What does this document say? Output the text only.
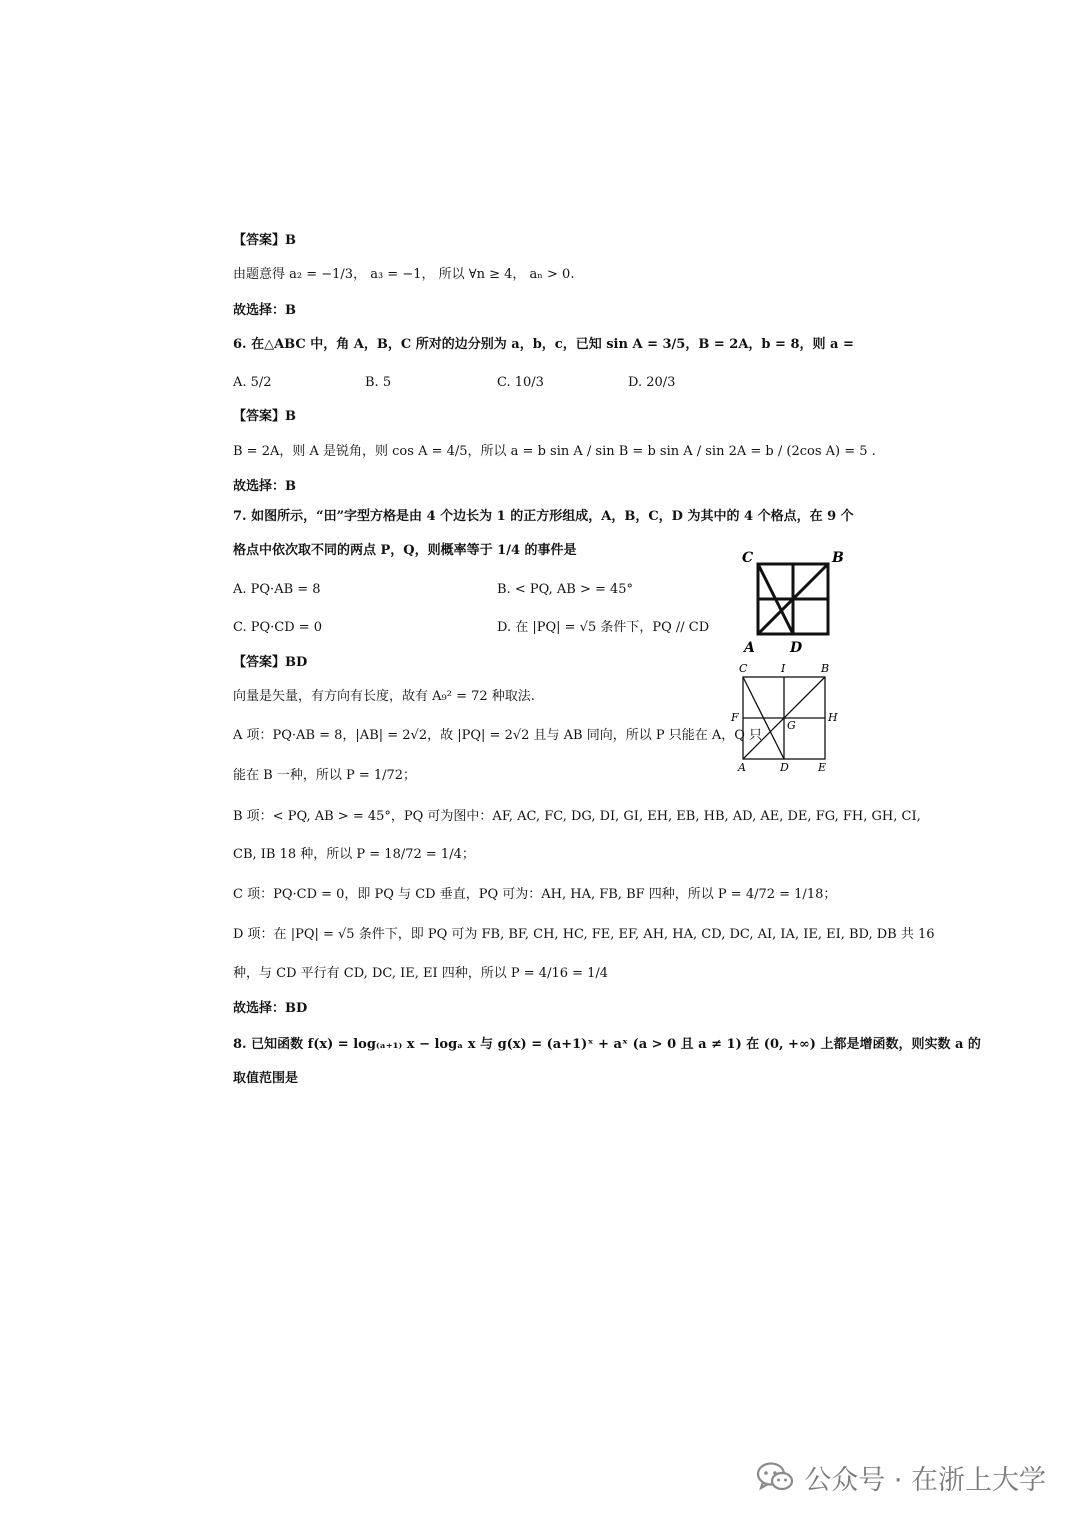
【答案】B
由题意得 a₂ = −1/3， a₃ = −1， 所以 ∀n ≥ 4， aₙ > 0.
故选择：B
6. 在△ABC 中，角 A，B，C 所对的边分别为 a，b，c，已知 sin A = 3/5，B = 2A，b = 8，则 a =
A. 5/2	B. 5	C. 10/3	D. 20/3
【答案】B
B = 2A，则 A 是锐角，则 cos A = 4/5，所以 a = b sin A / sin B = b sin A / sin 2A = b / (2cos A) = 5 .
故选择：B
7. 如图所示，“田”字型方格是由 4 个边长为 1 的正方形组成，A，B，C，D 为其中的 4 个格点，在 9 个
格点中依次取不同的两点 P，Q，则概率等于 1/4 的事件是
A. PQ·AB = 8	B. < PQ, AB > = 45°
C. PQ·CD = 0	D. 在 |PQ| = √5 条件下，PQ // CD
【答案】BD
向量是矢量，有方向有长度，故有 A₉² = 72 种取法.
A 项：PQ·AB = 8，|AB| = 2√2，故 |PQ| = 2√2 且与 AB 同向，所以 P 只能在 A，Q 只
能在 B 一种，所以 P = 1/72；
B 项：< PQ, AB > = 45°，PQ 可为图中：AF, AC, FC, DG, DI, GI, EH, EB, HB, AD, AE, DE, FG, FH, GH, CI,
CB, IB 18 种，所以 P = 18/72 = 1/4；
C 项：PQ·CD = 0，即 PQ 与 CD 垂直，PQ 可为：AH, HA, FB, BF 四种，所以 P = 4/72 = 1/18；
D 项：在 |PQ| = √5 条件下，即 PQ 可为 FB, BF, CH, HC, FE, EF, AH, HA, CD, DC, AI, IA, IE, EI, BD, DB 共 16
种，与 CD 平行有 CD, DC, IE, EI 四种，所以 P = 4/16 = 1/4
故选择：BD
8. 已知函数 f(x) = log₍ₐ₊₁₎ x − logₐ x 与 g(x) = (a+1)ˣ + aˣ (a > 0 且 a ≠ 1) 在 (0, +∞) 上都是增函数，则实数 a 的
取值范围是
C	B
A	D
C	I	B
F
G
H
A	D	E
公众号 · 在浙上大学
